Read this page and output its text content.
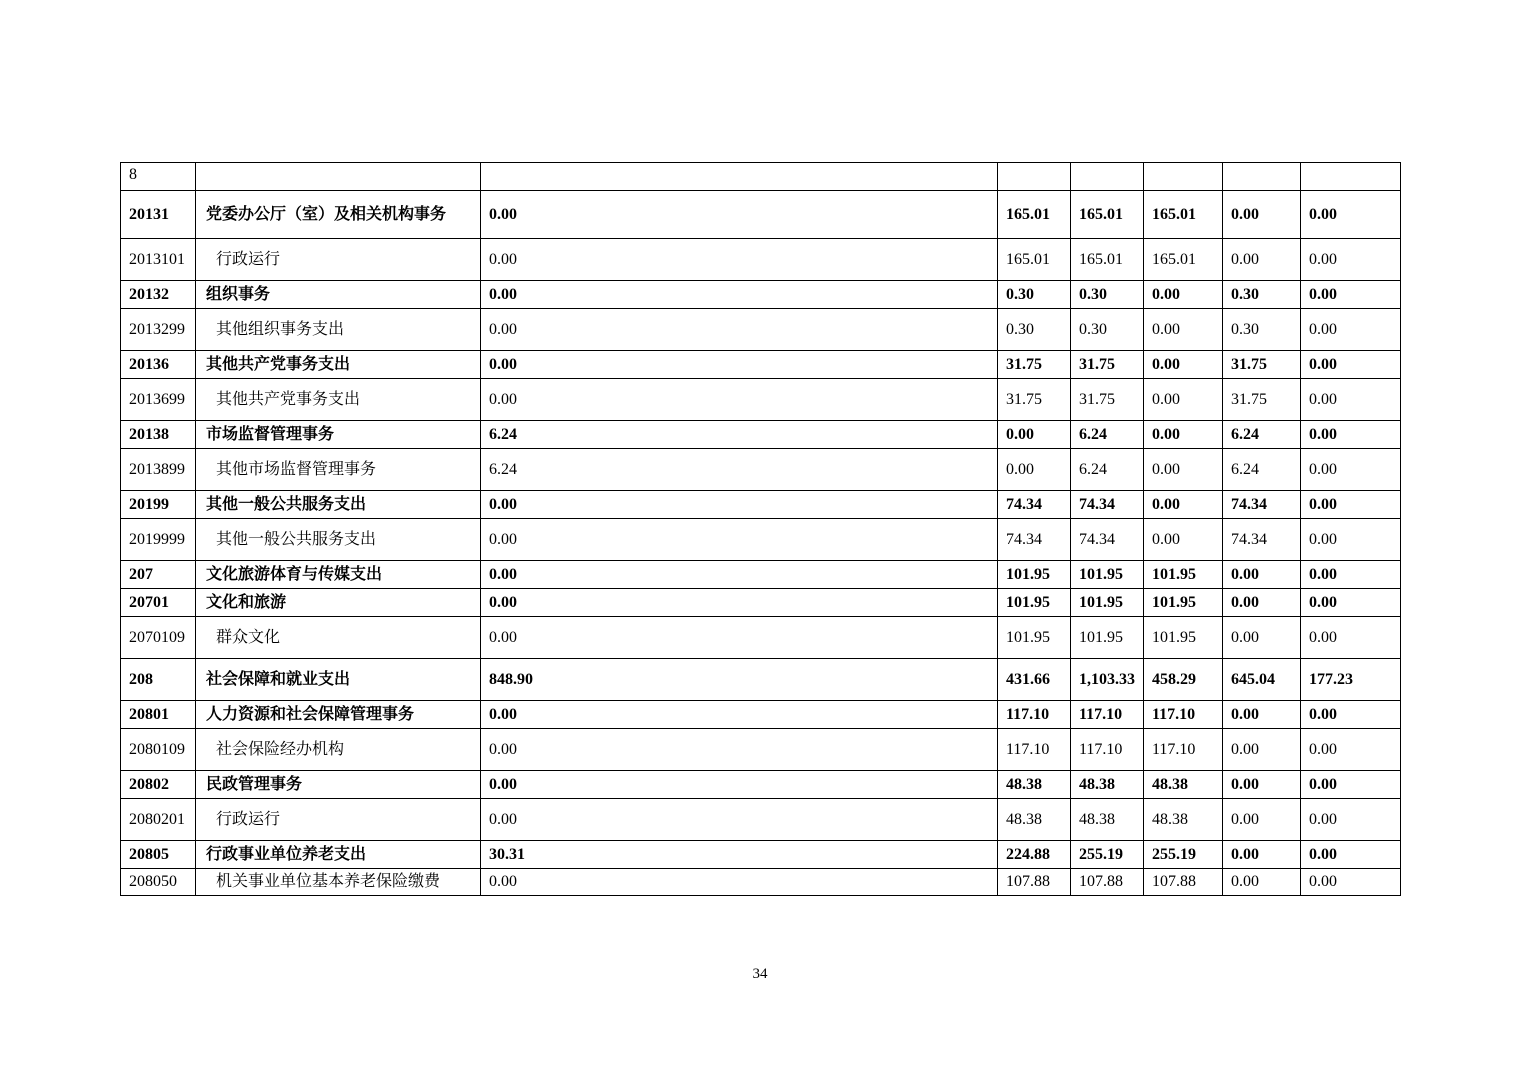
8							
20131	党委办公厅（室）及相关机构事务	0.00	165.01	165.01	165.01	0.00	0.00
2013101	行政运行	0.00	165.01	165.01	165.01	0.00	0.00
20132	组织事务	0.00	0.30	0.30	0.00	0.30	0.00
2013299	其他组织事务支出	0.00	0.30	0.30	0.00	0.30	0.00
20136	其他共产党事务支出	0.00	31.75	31.75	0.00	31.75	0.00
2013699	其他共产党事务支出	0.00	31.75	31.75	0.00	31.75	0.00
20138	市场监督管理事务	6.24	0.00	6.24	0.00	6.24	0.00
2013899	其他市场监督管理事务	6.24	0.00	6.24	0.00	6.24	0.00
20199	其他一般公共服务支出	0.00	74.34	74.34	0.00	74.34	0.00
2019999	其他一般公共服务支出	0.00	74.34	74.34	0.00	74.34	0.00
207	文化旅游体育与传媒支出	0.00	101.95	101.95	101.95	0.00	0.00
20701	文化和旅游	0.00	101.95	101.95	101.95	0.00	0.00
2070109	群众文化	0.00	101.95	101.95	101.95	0.00	0.00
208	社会保障和就业支出	848.90	431.66	1,103.33	458.29	645.04	177.23
20801	人力资源和社会保障管理事务	0.00	117.10	117.10	117.10	0.00	0.00
2080109	社会保险经办机构	0.00	117.10	117.10	117.10	0.00	0.00
20802	民政管理事务	0.00	48.38	48.38	48.38	0.00	0.00
2080201	行政运行	0.00	48.38	48.38	48.38	0.00	0.00
20805	行政事业单位养老支出	30.31	224.88	255.19	255.19	0.00	0.00
208050	机关事业单位基本养老保险缴费	0.00	107.88	107.88	107.88	0.00	0.00
34
